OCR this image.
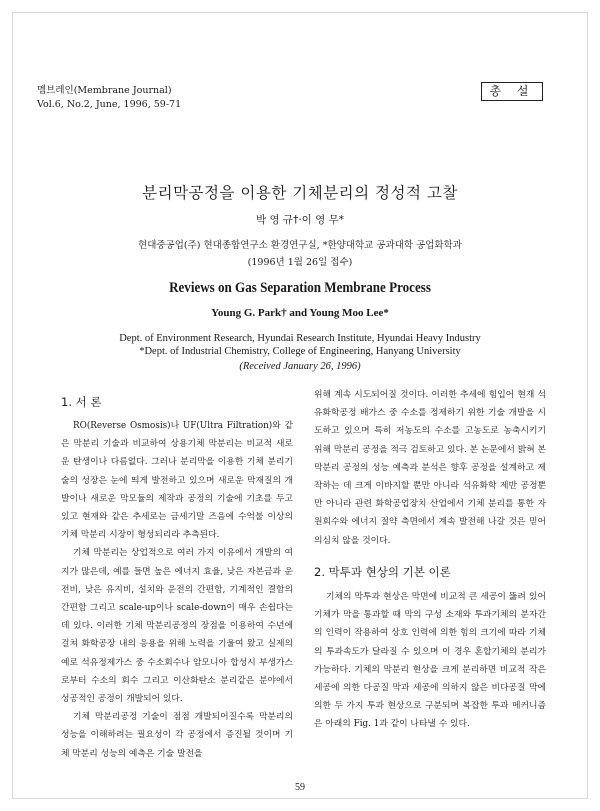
멤브레인(Membrane Journal)
Vol.6, No.2, June, 1996, 59-71
총 설
분리막공정을 이용한 기체분리의 정성적 고찰
박 영 규†·이 영 무*
현대중공업(주) 현대종합연구소 환경연구실, *한양대학교 공과대학 공업화학과
(1996년 1월 26일 접수)
Reviews on Gas Separation Membrane Process
Young G. Park† and Young Moo Lee*
Dept. of Environment Research, Hyundai Research Institute, Hyundai Heavy Industry
*Dept. of Industrial Chemistry, College of Engineering, Hanyang University
(Received January 26, 1996)
1. 서 론

RO(Reverse Osmosis)나 UF(Ultra Filtration)와 같은 막분리 기술과 비교하여 상용기체 막분리는 비교적 새로운 탄생이나 다름없다. 그러나 분리막을 이용한 기체 분리기술의 성장은 눈에 띄게 발전하고 있으며 새로운 막재질의 개발이나 새로운 막모듈의 제작과 공정의 기술에 기초를 두고 있고 현재와 같은 추세로는 금세기말 즈음에 수억불 이상의 기체 막분리 시장이 형성되리라 추측된다.

기체 막분리는 상업적으로 여러 가지 이유에서 개발의 여지가 많은데, 예를 들면 높은 에너지 효율, 낮은 자본금과 운전비, 낮은 유지비, 설치와 운전의 간편함, 기계적인 결함의 간편함 그리고 scale-up이나 scale-down이 매우 손쉽다는 데 있다. 이러한 기체 막분리공정의 장점을 이용하여 수년에 걸쳐 화학공장 내의 응용을 위해 노력을 기울여 왔고 실제의 예로 석유정제가스 중 수소회수나 암모니아 합성시 부생가스로부터 수소의 회수 그리고 이산화탄소 분리같은 분야에서 성공적인 공정이 개발되어 있다.

기체 막분리공정 기술이 점점 개발되어질수록 막분리의 성능을 이해하려는 필요성이 각 공정에서 증진될 것이며 기체 막분리 성능의 예측은 기술 발전을

위해 계속 시도되어질 것이다. 이러한 추세에 힘입어 현재 석유화학공정 배가스 중 수소를 정제하기 위한 기술 개발을 시도하고 있으며 특히 저농도의 수소를 고농도로 농축시키기 위해 막분리 공정을 적극 검토하고 있다. 본 논문에서 밝혀 본 막분리 공정의 성능 예측과 분석은 향후 공정을 설계하고 제작하는 데 크게 이바지할 뿐만 아니라 석유화학 제반 공정뿐만 아니라 관련 화학공업장치 산업에서 기체 분리를 통한 자원회수와 에너지 절약 측면에서 계속 발전해 나갈 것은 믿어 의심치 않을 것이다.

2. 막투과 현상의 기본 이론

기체의 막투과 현상은 막면에 비교적 큰 세공이 뚫려 있어 기체가 막을 통과할 때 막의 구성 소재와 투과기체의 분자간의 인력이 작용하여 상호 인력에 의한 힘의 크기에 따라 기체의 투과속도가 달라질 수 있으며 이 경우 혼합기체의 분리가 가능하다. 기체의 막분리 현상을 크게 분리하면 비교적 작은 세공에 의한 다공질 막과 세공에 의하지 않은 비다공질 막에 의한 두 가지 투과 현상으로 구분되며 복잡한 투과 메커니즘은 아래의 Fig. 1과 같이 나타낼 수 있다.

59
